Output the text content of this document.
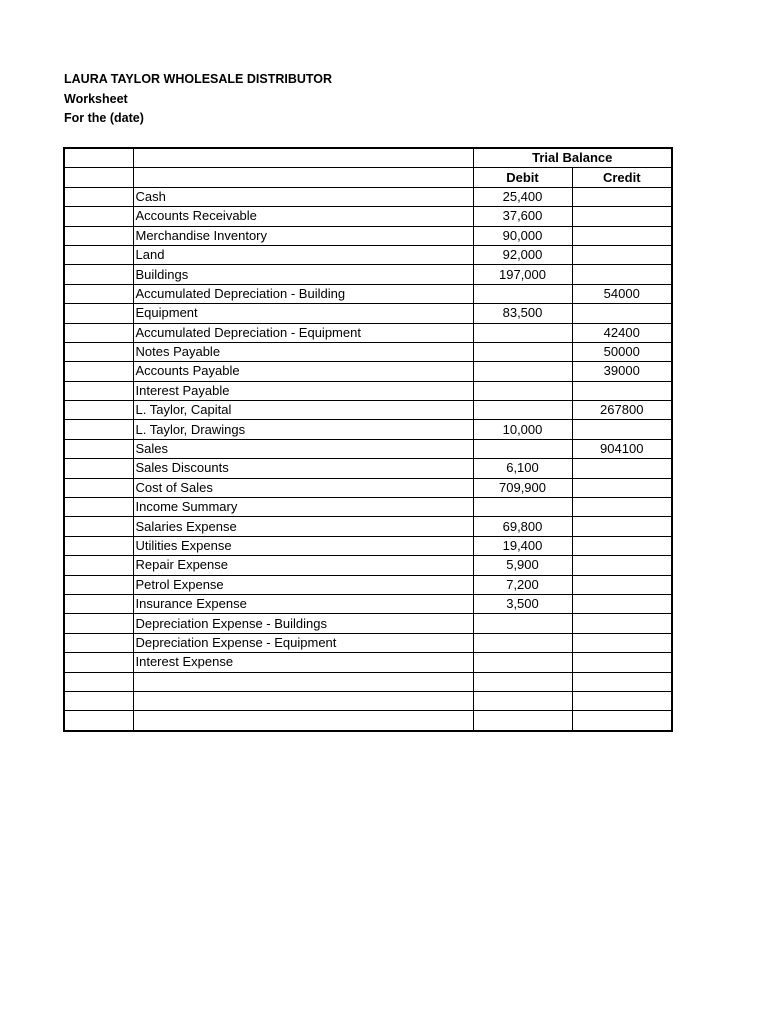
LAURA TAYLOR WHOLESALE DISTRIBUTOR
Worksheet
For the (date)
		Trial Balance	
		Debit	Credit
	Cash	25,400	
	Accounts Receivable	37,600	
	Merchandise Inventory	90,000	
	Land	92,000	
	Buildings	197,000	
	Accumulated Depreciation - Building		54000
	Equipment	83,500	
	Accumulated Depreciation - Equipment		42400
	Notes Payable		50000
	Accounts Payable		39000
	Interest Payable		
	L. Taylor, Capital		267800
	L. Taylor, Drawings	10,000	
	Sales		904100
	Sales Discounts	6,100	
	Cost of Sales	709,900	
	Income Summary		
	Salaries Expense	69,800	
	Utilities Expense	19,400	
	Repair Expense	5,900	
	Petrol Expense	7,200	
	Insurance Expense	3,500	
	Depreciation Expense - Buildings		
	Depreciation Expense - Equipment		
	Interest Expense		
